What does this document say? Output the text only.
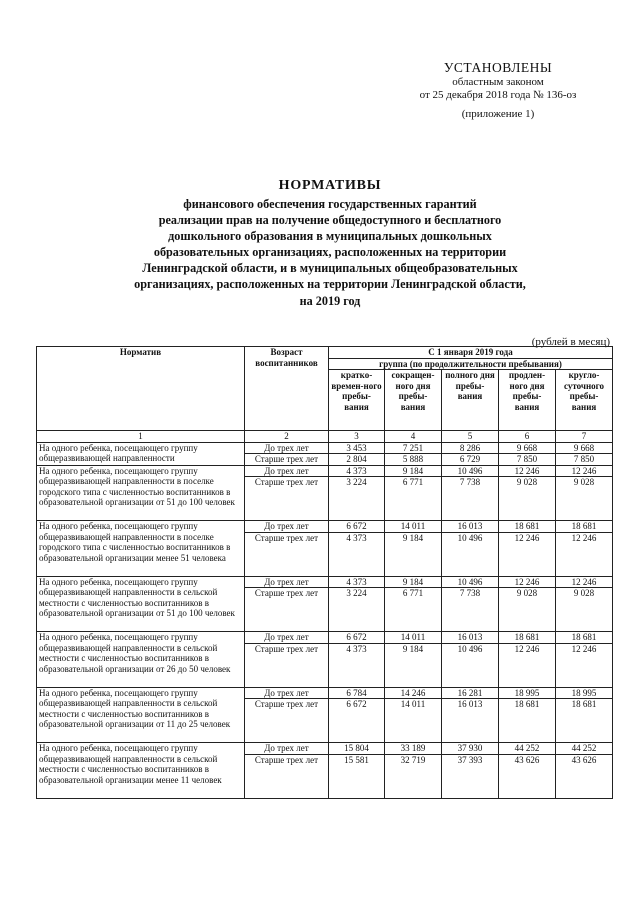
УСТАНОВЛЕНЫ
областным законом
от 25 декабря 2018 года № 136-оз
(приложение 1)
НОРМАТИВЫ
финансового обеспечения государственных гарантий
реализации прав на получение общедоступного и бесплатного
дошкольного образования в муниципальных дошкольных
образовательных организациях, расположенных на территории
Ленинградской области, и в муниципальных общеобразовательных
организациях, расположенных на территории Ленинградской области,
на 2019 год
(рублей в месяц)
Норматив	Возраст воспитанников	С 1 января 2019 года				
		группа (по продолжительности пребывания)				
		кратко-времен-ного пребы-вания	сокращен-ного дня пребы-вания	полного дня пребы-вания	продлен-ного дня пребы-вания	кругло-суточного пребы-вания
1	2	3	4	5	6	7
На одного ребенка, посещающего группу общеразвивающей направленности	До трех лет	3 453	7 251	8 286	9 668	9 668
	Старше трех лет	2 804	5 888	6 729	7 850	7 850
На одного ребенка, посещающего группу общеразвивающей направленности в поселке городского типа с численностью воспитанников в образовательной организации от 51 до 100 человек	До трех лет	4 373	9 184	10 496	12 246	12 246
	Старше трех лет	3 224	6 771	7 738	9 028	9 028
На одного ребенка, посещающего группу общеразвивающей направленности в поселке городского типа с численностью воспитанников в образовательной организации менее 51 человека	До трех лет	6 672	14 011	16 013	18 681	18 681
	Старше трех лет	4 373	9 184	10 496	12 246	12 246
На одного ребенка, посещающего группу общеразвивающей направленности в сельской местности с численностью воспитанников в образовательной организации от 51 до 100 человек	До трех лет	4 373	9 184	10 496	12 246	12 246
	Старше трех лет	3 224	6 771	7 738	9 028	9 028
На одного ребенка, посещающего группу общеразвивающей направленности в сельской местности с численностью воспитанников в образовательной организации от 26 до 50 человек	До трех лет	6 672	14 011	16 013	18 681	18 681
	Старше трех лет	4 373	9 184	10 496	12 246	12 246
На одного ребенка, посещающего группу общеразвивающей направленности в сельской местности с численностью воспитанников в образовательной организации от 11 до 25 человек	До трех лет	6 784	14 246	16 281	18 995	18 995
	Старше трех лет	6 672	14 011	16 013	18 681	18 681
На одного ребенка, посещающего группу общеразвивающей направленности в сельской местности с численностью воспитанников в образовательной организации менее 11 человек	До трех лет	15 804	33 189	37 930	44 252	44 252
	Старше трех лет	15 581	32 719	37 393	43 626	43 626
